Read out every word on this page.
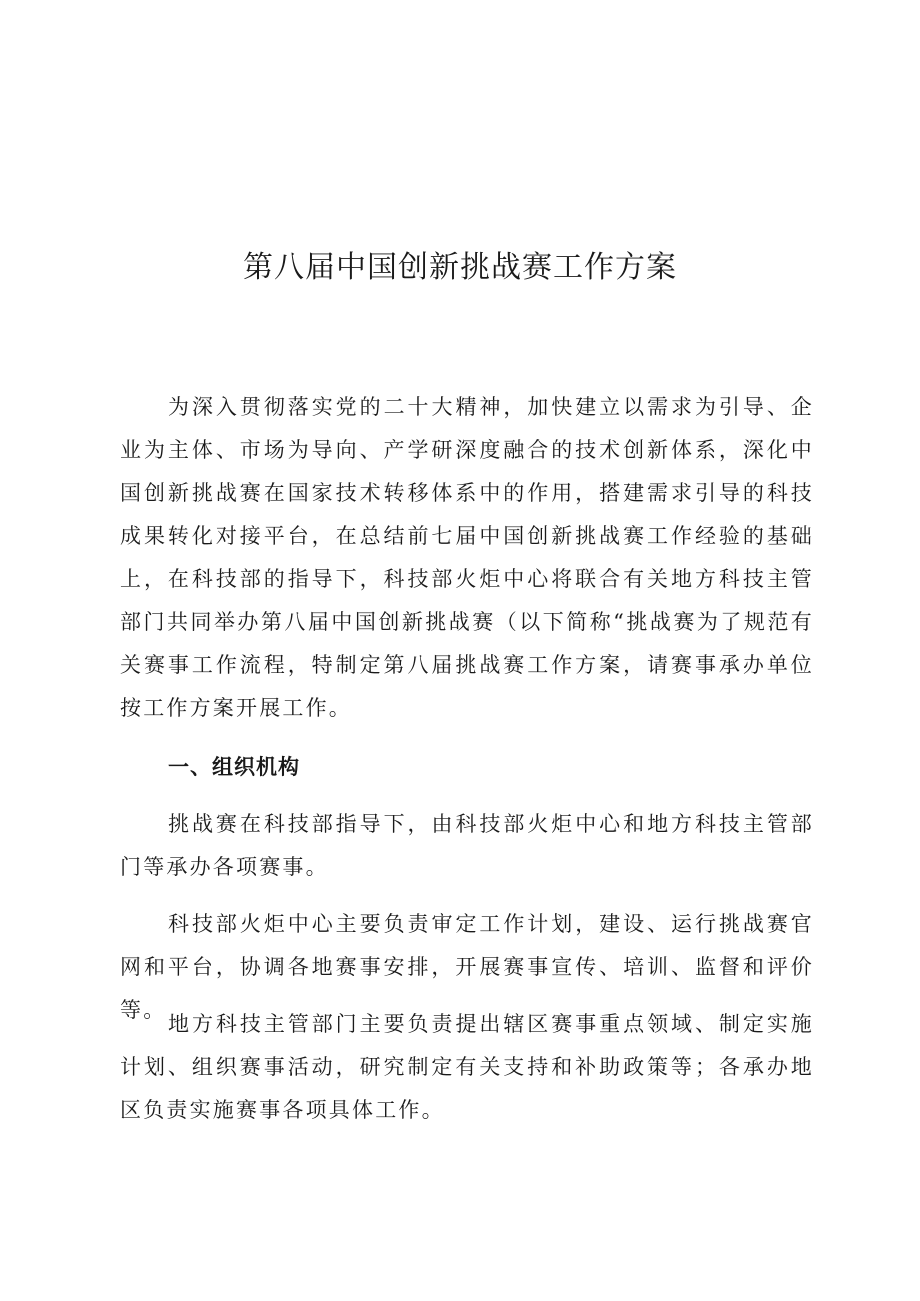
第八届中国创新挑战赛工作方案

为深入贯彻落实党的二十大精神，加快建立以需求为引导、企业为主体、市场为导向、产学研深度融合的技术创新体系，深化中国创新挑战赛在国家技术转移体系中的作用，搭建需求引导的科技成果转化对接平台，在总结前七届中国创新挑战赛工作经验的基础上，在科技部的指导下，科技部火炬中心将联合有关地方科技主管部门共同举办第八届中国创新挑战赛（以下简称“挑战赛为了规范有关赛事工作流程，特制定第八届挑战赛工作方案，请赛事承办单位按工作方案开展工作。

一、组织机构

挑战赛在科技部指导下，由科技部火炬中心和地方科技主管部门等承办各项赛事。

科技部火炬中心主要负责审定工作计划，建设、运行挑战赛官网和平台，协调各地赛事安排，开展赛事宣传、培训、监督和评价等。

地方科技主管部门主要负责提出辖区赛事重点领域、制定实施计划、组织赛事活动，研究制定有关支持和补助政策等；各承办地区负责实施赛事各项具体工作。
